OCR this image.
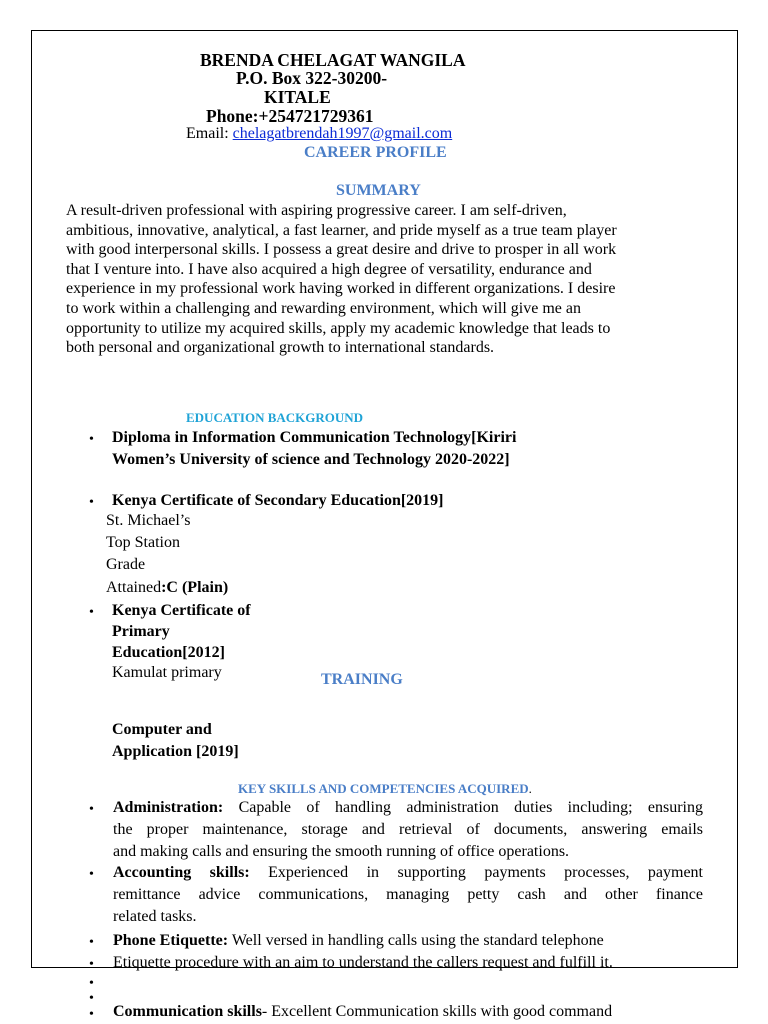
BRENDA CHELAGAT WANGILA
P.O. Box 322-30200-
KITALE
Phone:+254721729361
Email: chelagatbrendah1997@gmail.com
CAREER PROFILE
SUMMARY
A result-driven professional with aspiring progressive career. I am self-driven,
ambitious, innovative, analytical, a fast learner, and pride myself as a true team player
with good interpersonal skills. I possess a great desire and drive to prosper in all work
that I venture into. I have also acquired a high degree of versatility, endurance and
experience in my professional work having worked in different organizations. I desire
to work within a challenging and rewarding environment, which will give me an
opportunity to utilize my acquired skills, apply my academic knowledge that leads to
both personal and organizational growth to international standards.
EDUCATION BACKGROUND
• Diploma in Information Communication Technology[Kiriri
Women’s University of science and Technology 2020-2022]
• Kenya Certificate of Secondary Education[2019]
St. Michael’s
Top Station
Grade
Attained:C (Plain)
• Kenya Certificate of
Primary
Education[2012]
Kamulat primary	TRAINING
Computer and
Application [2019]
KEY SKILLS AND COMPETENCIES ACQUIRED.
• Administration: Capable of handling administration duties including; ensuring
the proper maintenance, storage and retrieval of documents, answering emails
and making calls and ensuring the smooth running of office operations.
• Accounting skills: Experienced in supporting payments processes, payment
remittance advice communications, managing petty cash and other finance
related tasks.
• Phone Etiquette: Well versed in handling calls using the standard telephone
• Etiquette procedure with an aim to understand the callers request and fulfill it.
•
•
• Communication skills- Excellent Communication skills with good command
